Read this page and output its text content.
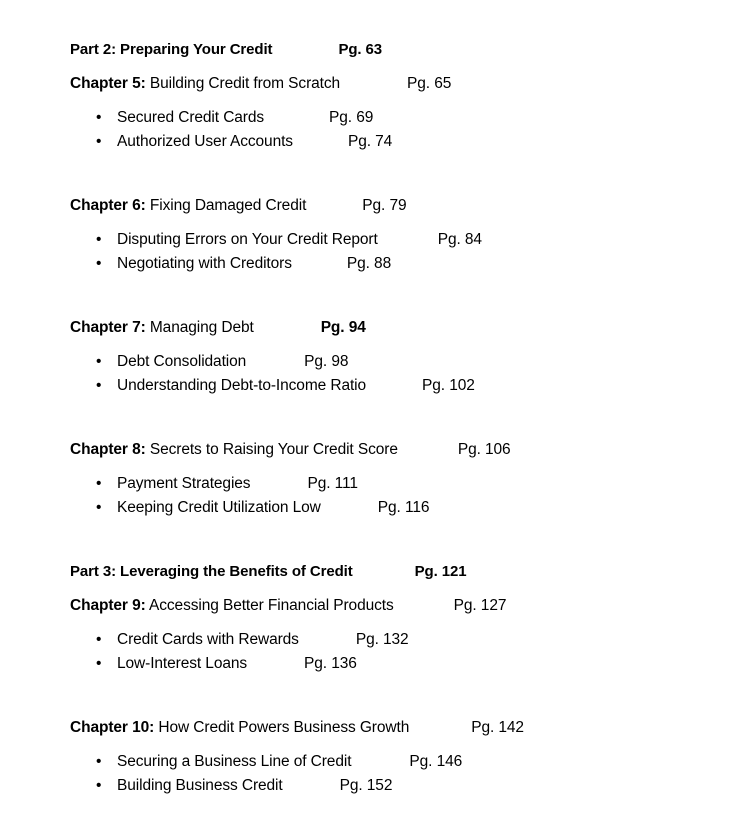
Part 2: Preparing Your Credit	Pg. 63
Chapter 5: Building Credit from Scratch	Pg. 65
• Secured Credit Cards	Pg. 69
• Authorized User Accounts	Pg. 74
Chapter 6: Fixing Damaged Credit	Pg. 79
• Disputing Errors on Your Credit Report	Pg. 84
• Negotiating with Creditors	Pg. 88
Chapter 7: Managing Debt	Pg. 94
• Debt Consolidation	Pg. 98
• Understanding Debt-to-Income Ratio	Pg. 102
Chapter 8: Secrets to Raising Your Credit Score	Pg. 106
• Payment Strategies	Pg. 111
• Keeping Credit Utilization Low	Pg. 116
Part 3: Leveraging the Benefits of Credit	Pg. 121
Chapter 9: Accessing Better Financial Products	Pg. 127
• Credit Cards with Rewards	Pg. 132
• Low-Interest Loans	Pg. 136
Chapter 10: How Credit Powers Business Growth	Pg. 142
• Securing a Business Line of Credit	Pg. 146
• Building Business Credit	Pg. 152
